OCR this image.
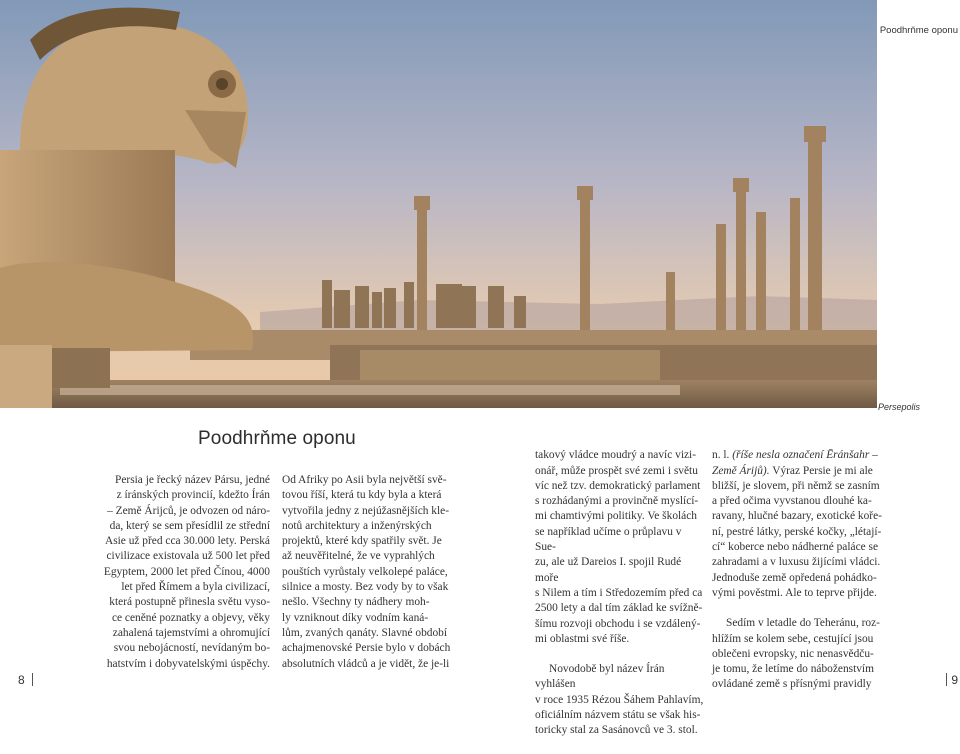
Poodhrňme oponu
Persepolis
Poodhrňme oponu

Persia je řecký název Pársu, jedné
z íránských provincií, kdežto Írán
– Země Árijců, je odvozen od náro-
da, který se sem přesídlil ze střední
Asie už před cca 30.000 lety. Perská
civilizace existovala už 500 let před
Egyptem, 2000 let před Čínou, 4000
let před Římem a byla civilizací,
která postupně přinesla světu vyso-
ce ceněné poznatky a objevy, věky
zahalená tajemstvími a ohromující
svou nebojácností, nevídaným bo-
hatstvím i dobyvatelskými úspěchy.

Od Afriky po Asii byla největší svě-
tovou říší, která tu kdy byla a která
vytvořila jedny z nejúžasnějších kle-
notů architektury a inženýrských
projektů, které kdy spatřily svět. Je
až neuvěřitelné, že ve vyprahlých
pouštích vyrůstaly velkolepé paláce,
silnice a mosty. Bez vody by to však
nešlo. Všechny ty nádhery moh-
ly vzniknout díky vodním kaná-
lům, zvaných qanáty. Slavné období
achajmenovské Persie bylo v dobách
absolutních vládců a je vidět, že je-li

takový vládce moudrý a navíc vizi-
onář, může prospět své zemi i světu
víc než tzv. demokratický parlament
s rozhádanými a provinčně myslící-
mi chamtivými politiky. Ve školách
se například učíme o průplavu v Sue-
zu, ale už Dareios I. spojil Rudé moře
s Nilem a tím i Středozemím před ca
2500 lety a dal tím základ ke svížně-
šímu rozvoji obchodu i se vzdálený-
mi oblastmi své říše.

Novodobě byl název Írán vyhlášen
v roce 1935 Rézou Šáhem Pahlavím,
oficiálním názvem státu se však his-
toricky stal za Sasánovců ve 3. stol.

n. l. (říše nesla označení Ēránšahr –
Země Árijů). Výraz Persie je mi ale
bližší, je slovem, při němž se zasním
a před očima vyvstanou dlouhé ka-
ravany, hlučné bazary, exotické koře-
ní, pestré látky, perské kočky, „létají-
cí“ koberce nebo nádherné paláce se
zahradami a v luxusu žijícími vládci.
Jednoduše země opředená pohádko-
vými pověstmi. Ale to teprve přijde.

Sedím v letadle do Teheránu, roz-
hlížím se kolem sebe, cestující jsou
oblečeni evropsky, nic nenasvědču-
je tomu, že letíme do náboženstvím
ovládané země s přísnými pravidly

8	9
